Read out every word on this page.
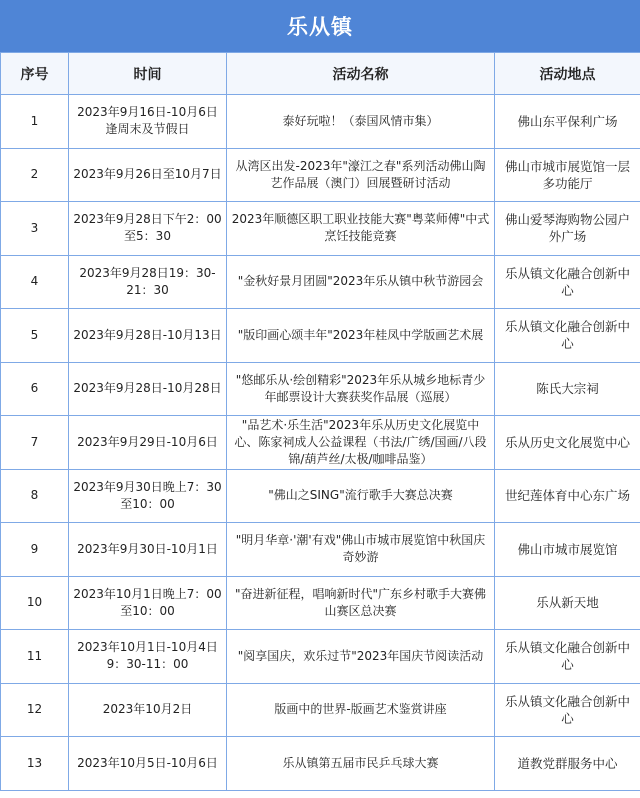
乐从镇
序号	时间	活动名称	活动地点
1	2023年9月16日-10月6日逢周末及节假日	泰好玩啦！（泰国风情市集）	佛山东平保利广场
2	2023年9月26日至10月7日	从湾区出发-2023年"濠江之春"系列活动佛山陶艺作品展（澳门）回展暨研讨活动	佛山市城市展览馆一层多功能厅
3	2023年9月28日下午2：00至5：30	2023年顺德区职工职业技能大赛"粤菜师傅"中式烹饪技能竞赛	佛山爱琴海购物公园户外广场
4	2023年9月28日19：30-21：30	"金秋好景月团圆"2023年乐从镇中秋节游园会	乐从镇文化融合创新中心
5	2023年9月28日-10月13日	"版印画心颂丰年"2023年桂凤中学版画艺术展	乐从镇文化融合创新中心
6	2023年9月28日-10月28日	"悠邮乐从·绘创精彩"2023年乐从城乡地标青少年邮票设计大赛获奖作品展（巡展）	陈氏大宗祠
7	2023年9月29日-10月6日	"品艺术·乐生活"2023年乐从历史文化展览中心、陈家祠成人公益课程（书法/广绣/国画/八段锦/葫芦丝/太极/咖啡品鉴）	乐从历史文化展览中心
8	2023年9月30日晚上7：30至10：00	"佛山之SING"流行歌手大赛总决赛	世纪莲体育中心东广场
9	2023年9月30日-10月1日	"明月华章·'潮'有戏"佛山市城市展览馆中秋国庆奇妙游	佛山市城市展览馆
10	2023年10月1日晚上7：00至10：00	"奋进新征程，唱响新时代"广东乡村歌手大赛佛山赛区总决赛	乐从新天地
11	2023年10月1日-10月4日9：30-11：00	"阅享国庆，欢乐过节"2023年国庆节阅读活动	乐从镇文化融合创新中心
12	2023年10月2日	版画中的世界-版画艺术鉴赏讲座	乐从镇文化融合创新中心
13	2023年10月5日-10月6日	乐从镇第五届市民乒乓球大赛	道教党群服务中心
